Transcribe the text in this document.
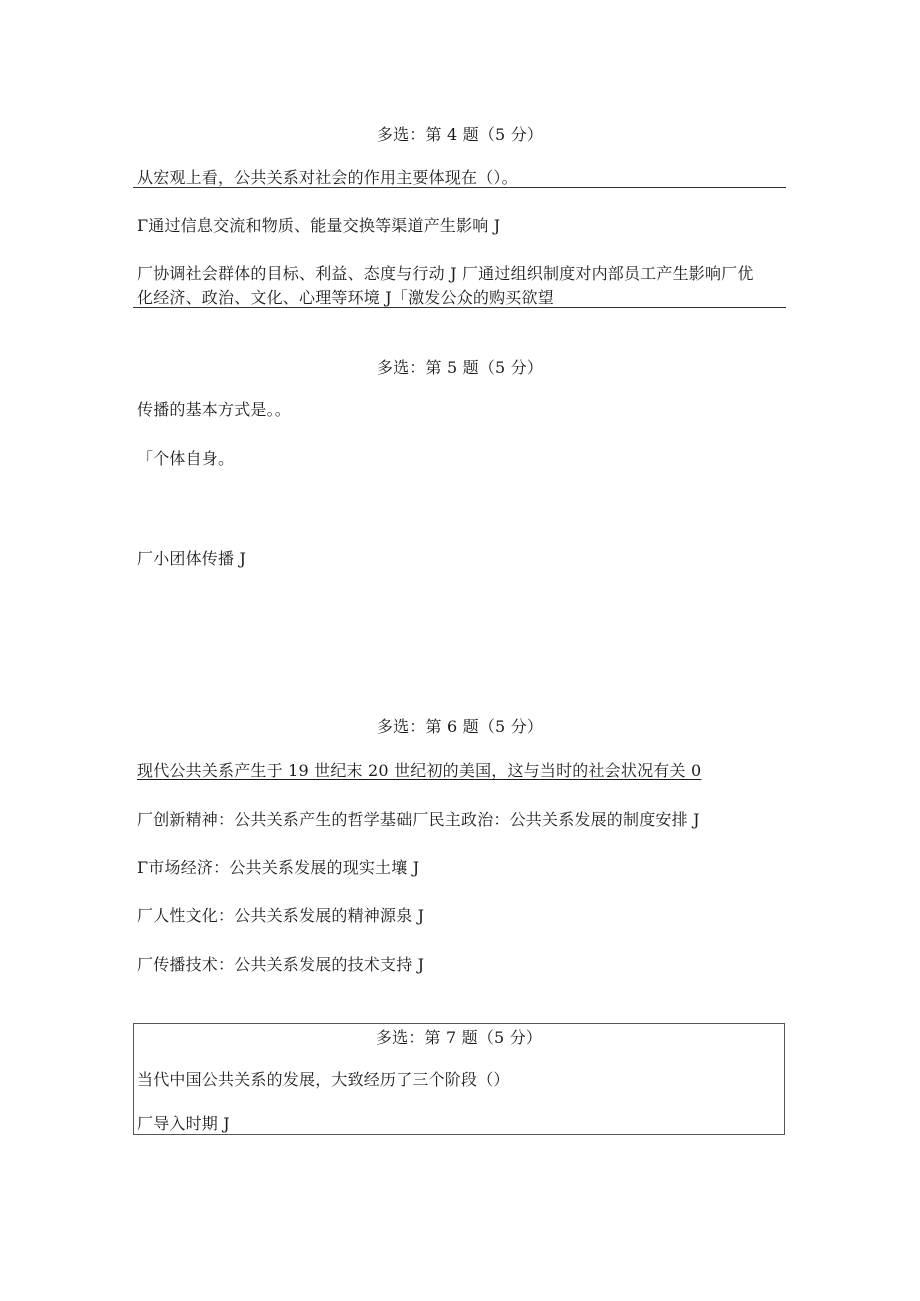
多选：第 4 题（5 分）
从宏观上看，公共关系对社会的作用主要体现在（）。
Γ通过信息交流和物质、能量交换等渠道产生影响 J
厂协调社会群体的目标、利益、态度与行动 J 厂通过组织制度对内部员工产生影响厂优
化经济、政治、文化、心理等环境 J「激发公众的购买欲望
多选：第 5 题（5 分）
传播的基本方式是。。
「个体自身。
厂小团体传播 J
多选：第 6 题（5 分）
现代公共关系产生于 19 世纪末 20 世纪初的美国，这与当时的社会状况有关 0
厂创新精神：公共关系产生的哲学基础厂民主政治：公共关系发展的制度安排 J
Γ市场经济：公共关系发展的现实土壤 J
厂人性文化：公共关系发展的精神源泉 J
厂传播技术：公共关系发展的技术支持 J
多选：第 7 题（5 分）
当代中国公共关系的发展，大致经历了三个阶段（）
厂导入时期 J
